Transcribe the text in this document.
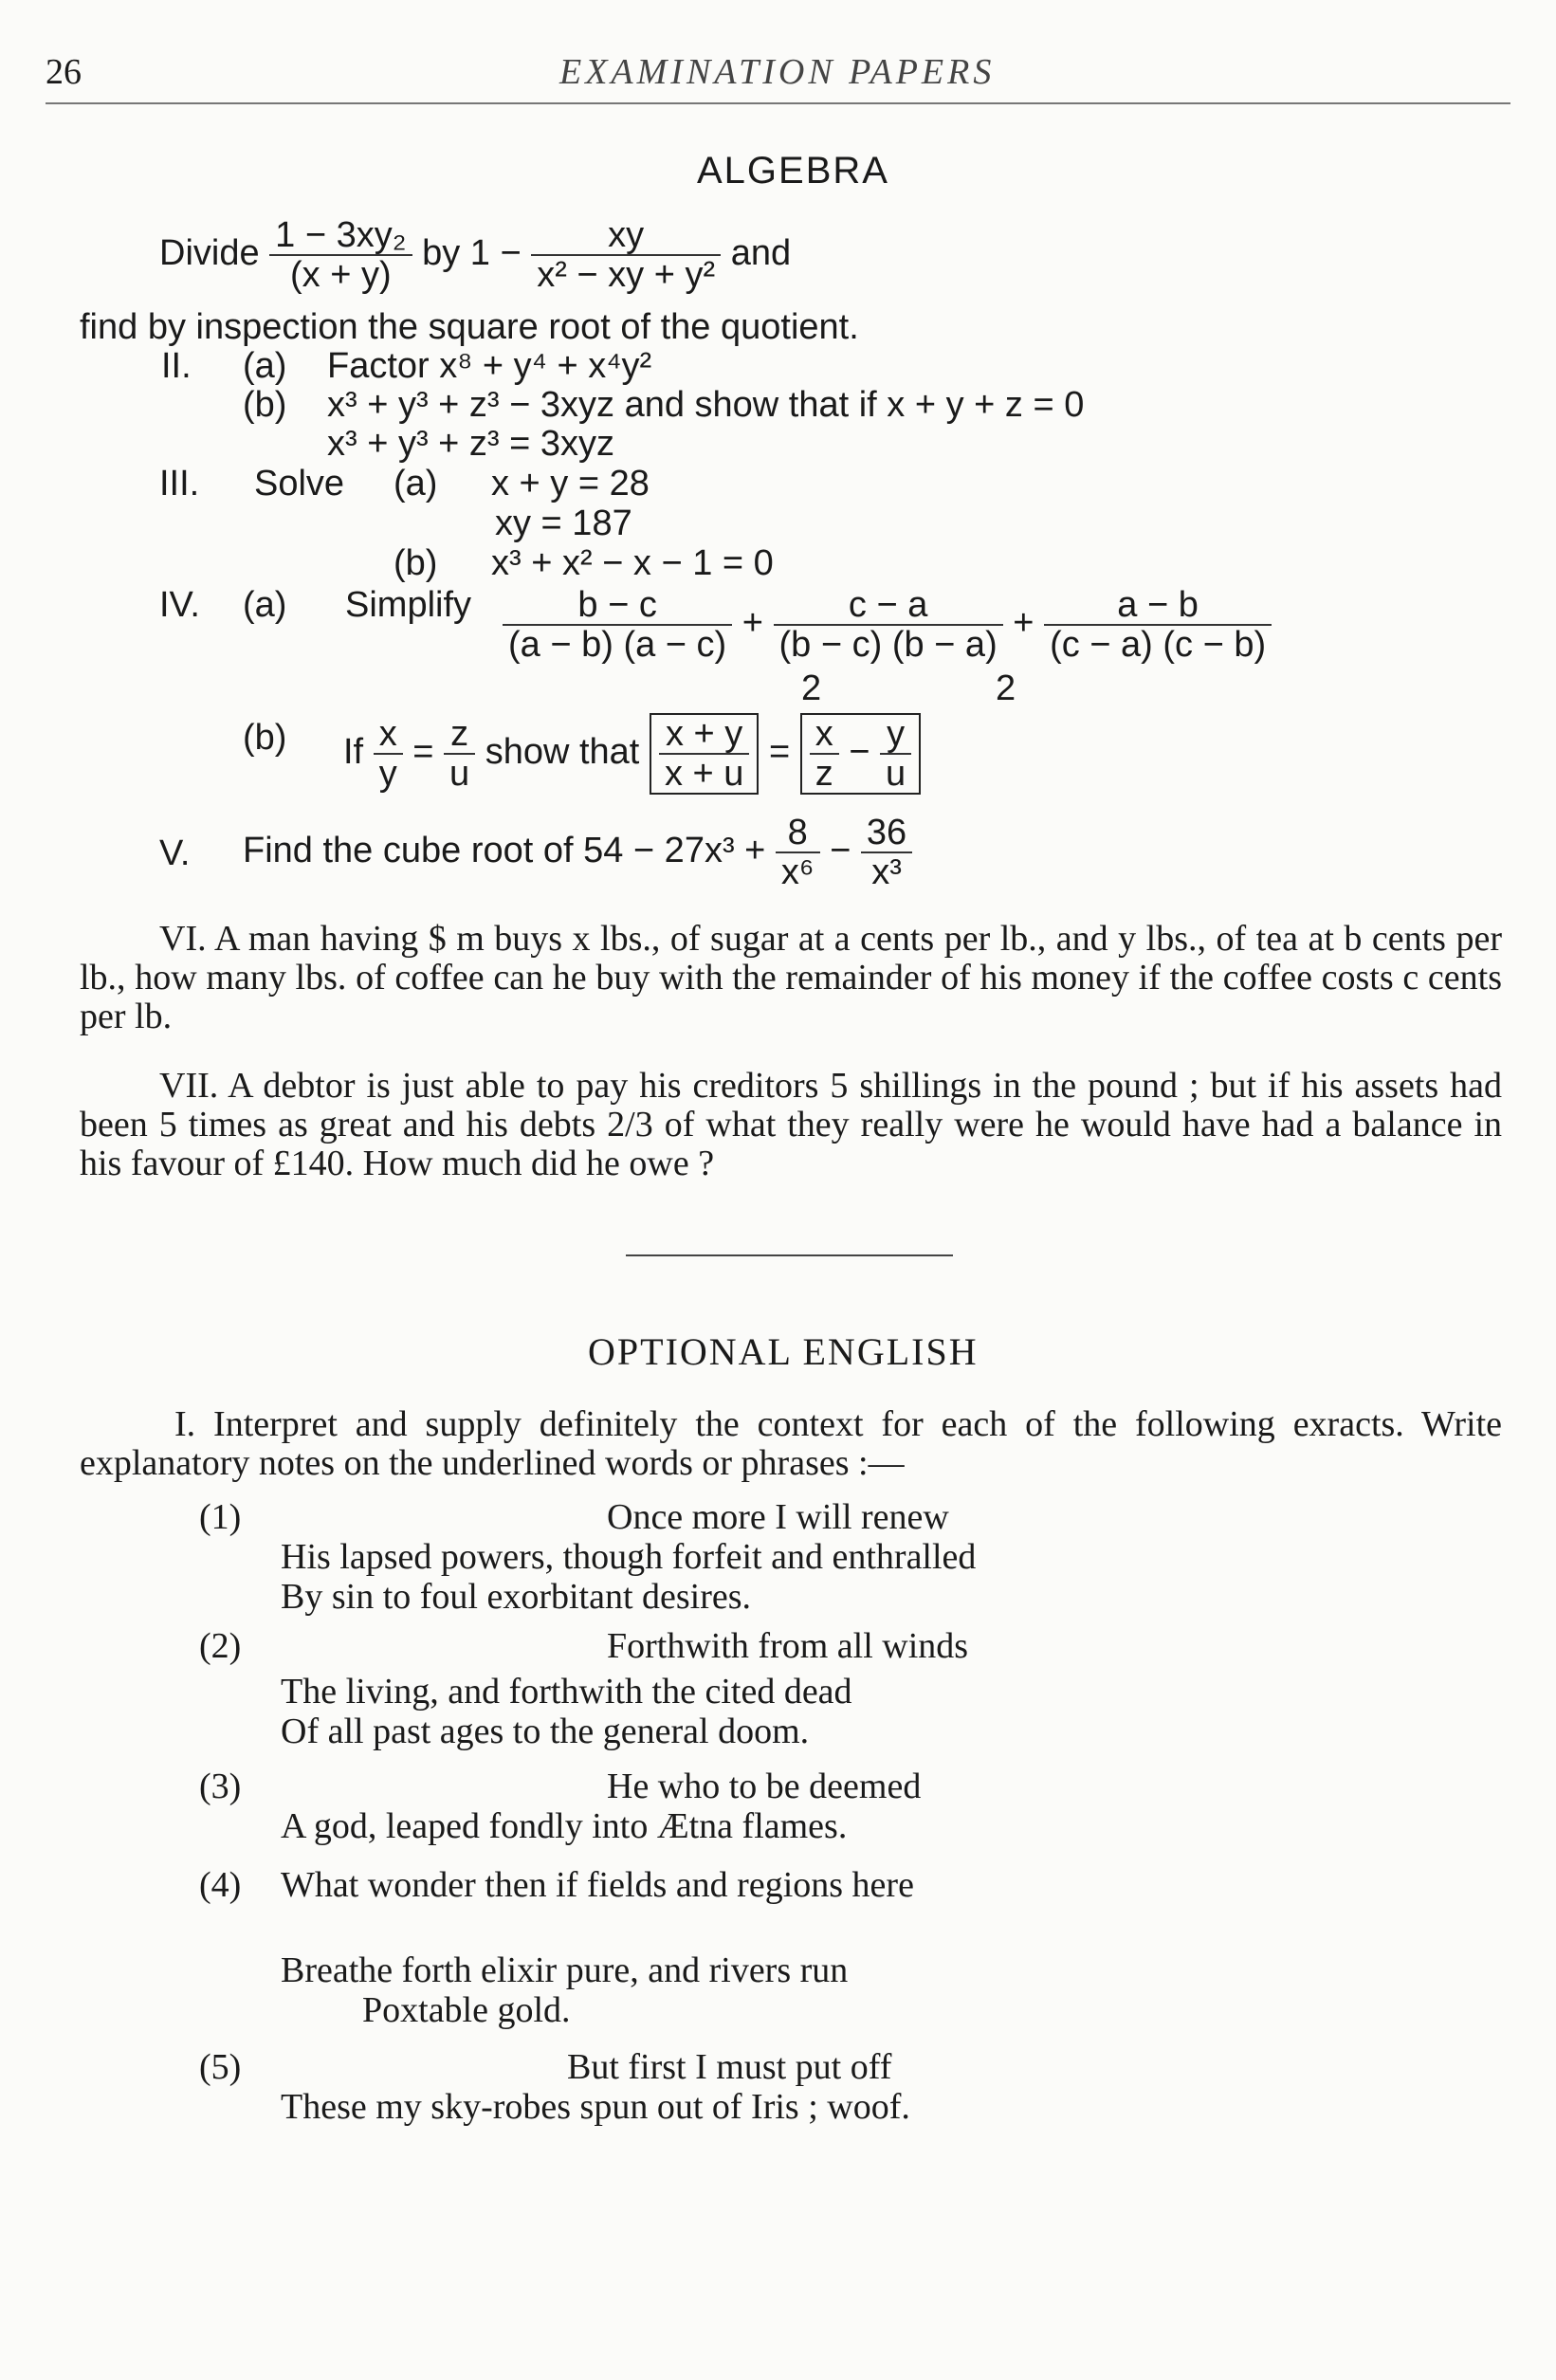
26	EXAMINATION PAPERS
ALGEBRA
Divide $\frac{\text{1 − 3xy₂}}{(x + y)}$ by $1 - \frac{xy}{\text{x² − xy + y²}}$ and
find by inspection the square root of the quotient.
II. (a) Factor x⁸ + y⁴ + x⁴y²
(b) x³ + y³ + z³ − 3xyz and show that if x + y + z = 0
x³ + y³ + z³ = 3xyz
III. Solve (a) x + y = 28
xy = 187
(b) x³ + x² − x − 1 = 0
IV. (a) Simplify $\frac{b - c}{(a - b) (a - c)} + \frac{c - a}{(b - c) (b - a)} + \frac{a - b}{(c - a) (c - b)}$
2	2
(b) If $\frac{x}{y} = \frac{z}{u}$ show that $\frac{x + y}{x + u} = \frac{x}{z} - \frac{y}{u}$
V. Find the cube root of $54 - 27x^3 + \frac{8}{\text{x⁶}} - \frac{36}{\text{x³}}$
VI. A man having $ m buys x lbs., of sugar at a cents per lb., and y lbs., of tea at b cents per lb., how many lbs. of coffee can he buy with the remainder of his money if the coffee costs c cents per lb.
VII. A debtor is just able to pay his creditors 5 shillings in the pound ; but if his assets had been 5 times as great and his debts 2/3 of what they really were he would have had a balance in his favour of £140. How much did he owe ?
OPTIONAL ENGLISH
I. Interpret and supply definitely the context for each of the following exracts. Write explanatory notes on the underlined words or phrases :—
(1)	Once more I will renew
His lapsed powers, though forfeit and enthralled
By sin to foul exorbitant desires.
(2)	Forthwith from all winds
The living, and forthwith the cited dead
Of all past ages to the general doom.
(3)	He who to be deemed
A god, leaped fondly into Ætna flames.
(4) What wonder then if fields and regions here
Breathe forth elixir pure, and rivers run
Poxtable gold.
(5)	But first I must put off
These my sky-robes spun out of Iris ; woof.
